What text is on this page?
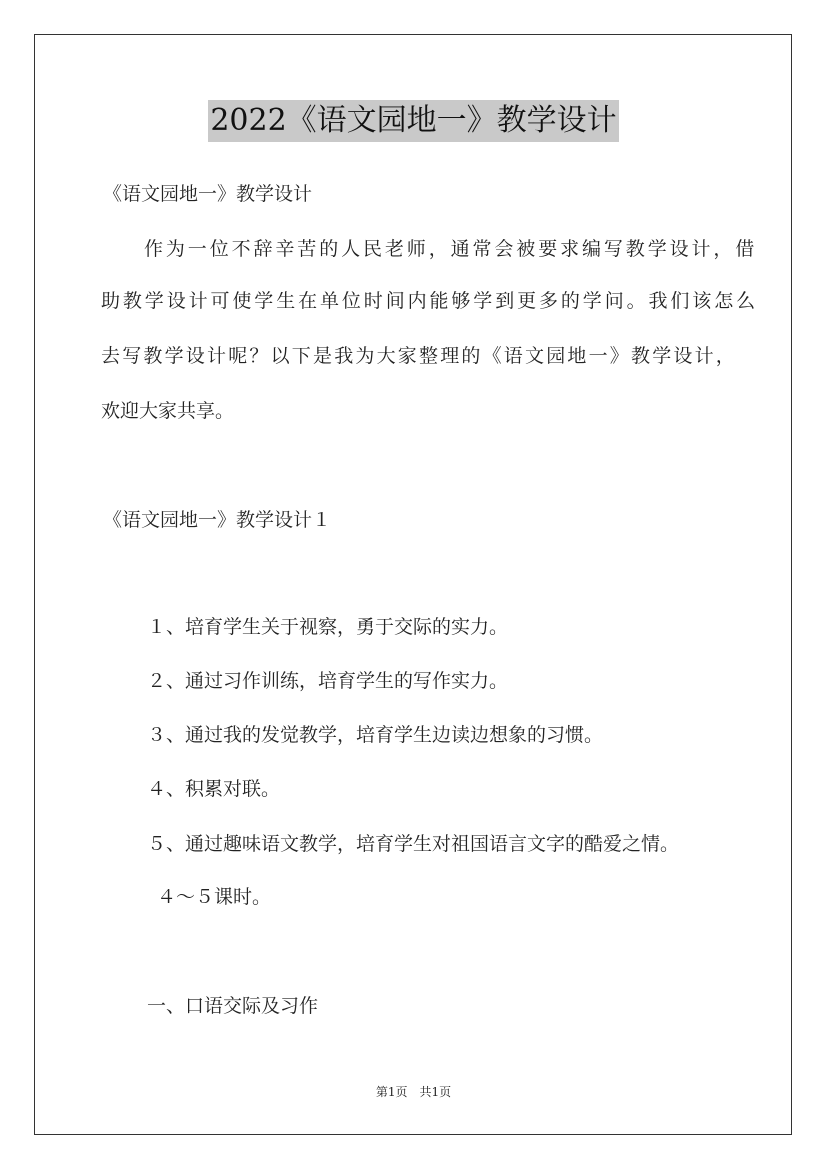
2022《语文园地一》教学设计
《语文园地一》教学设计
作为一位不辞辛苦的人民老师，通常会被要求编写教学设计，借
助教学设计可使学生在单位时间内能够学到更多的学问。我们该怎么
去写教学设计呢？以下是我为大家整理的《语文园地一》教学设计，
欢迎大家共享。
《语文园地一》教学设计１
１、培育学生关于视察，勇于交际的实力。
２、通过习作训练，培育学生的写作实力。
３、通过我的发觉教学，培育学生边读边想象的习惯。
４、积累对联。
５、通过趣味语文教学，培育学生对祖国语言文字的酷爱之情。
４～５课时。
一、口语交际及习作
第1页　共1页
